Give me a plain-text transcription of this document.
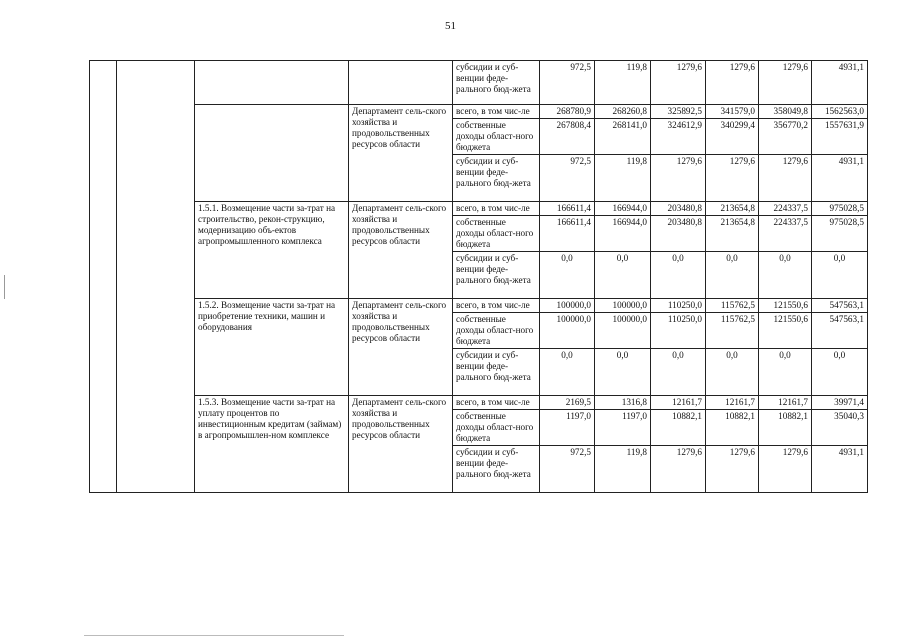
51
				субсидии и суб-венции феде-рального бюд-жета	972,5	119,8	1279,6	1279,6	1279,6	4931,1
			Департамент сель-ского хозяйства и продовольственных ресурсов области	всего, в том чис-ле	268780,9	268260,8	325892,5	341579,0	358049,8	1562563,0
				собственные доходы област-ного бюджета	267808,4	268141,0	324612,9	340299,4	356770,2	1557631,9
				субсидии и суб-венции феде-рального бюд-жета	972,5	119,8	1279,6	1279,6	1279,6	4931,1
		1.5.1. Возмещение части за-трат на строительство, рекон-струкцию, модернизацию объ-ектов агропромышленного комплекса	Департамент сель-ского хозяйства и продовольственных ресурсов области	всего, в том чис-ле	166611,4	166944,0	203480,8	213654,8	224337,5	975028,5
				собственные доходы област-ного бюджета	166611,4	166944,0	203480,8	213654,8	224337,5	975028,5
				субсидии и суб-венции феде-рального бюд-жета	0,0	0,0	0,0	0,0	0,0	0,0
		1.5.2. Возмещение части за-трат на приобретение техники, машин и оборудования	Департамент сель-ского хозяйства и продовольственных ресурсов области	всего, в том чис-ле	100000,0	100000,0	110250,0	115762,5	121550,6	547563,1
				собственные доходы област-ного бюджета	100000,0	100000,0	110250,0	115762,5	121550,6	547563,1
				субсидии и суб-венции феде-рального бюд-жета	0,0	0,0	0,0	0,0	0,0	0,0
		1.5.3. Возмещение части за-трат на уплату процентов по инвестиционным кредитам (займам) в агропромышлен-ном комплексе	Департамент сель-ского хозяйства и продовольственных ресурсов области	всего, в том чис-ле	2169,5	1316,8	12161,7	12161,7	12161,7	39971,4
				собственные доходы област-ного бюджета	1197,0	1197,0	10882,1	10882,1	10882,1	35040,3
				субсидии и суб-венции феде-рального бюд-жета	972,5	119,8	1279,6	1279,6	1279,6	4931,1
